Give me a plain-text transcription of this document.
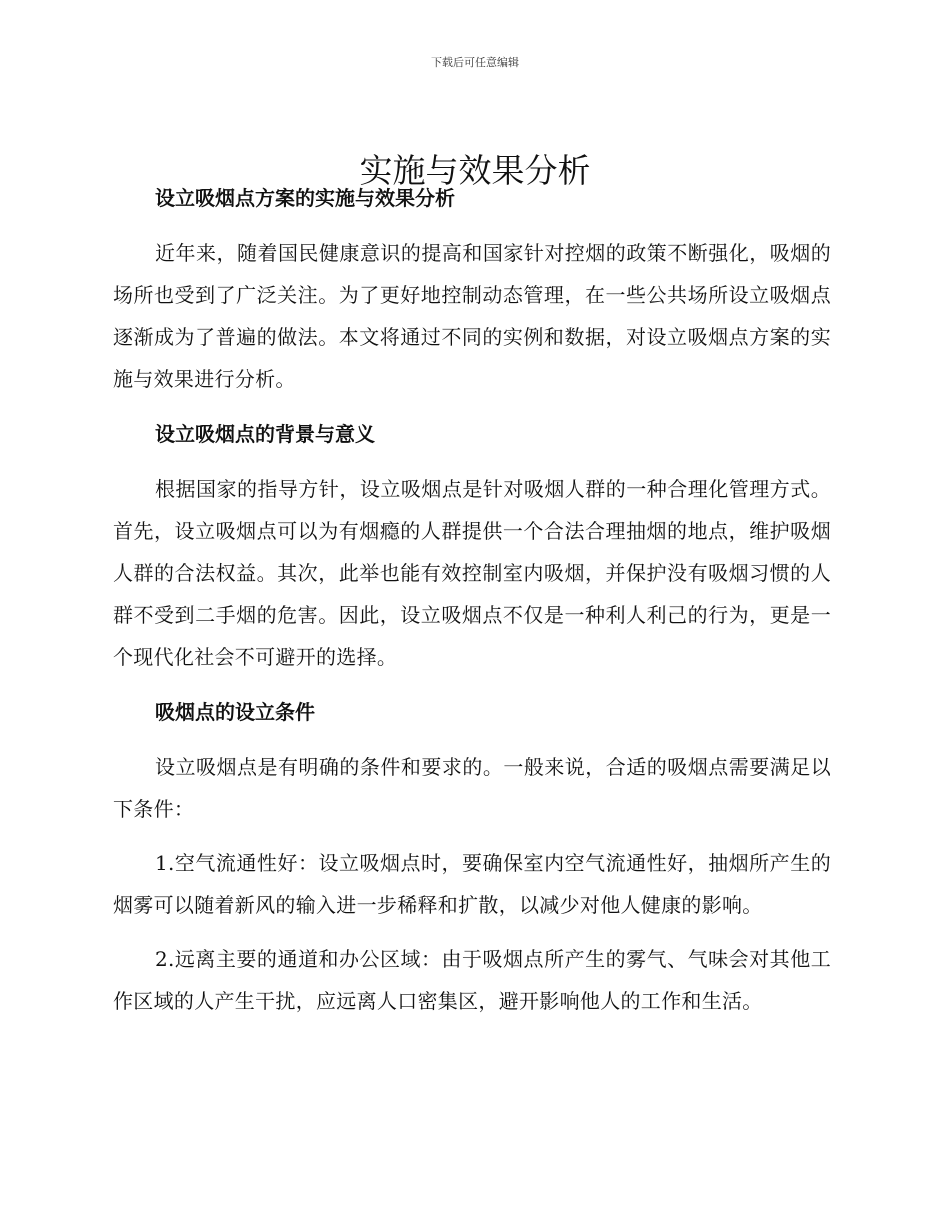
下载后可任意编辑
实施与效果分析
设立吸烟点方案的实施与效果分析

近年来，随着国民健康意识的提高和国家针对控烟的政策不断强化，吸烟的场所也受到了广泛关注。为了更好地控制动态管理，在一些公共场所设立吸烟点逐渐成为了普遍的做法。本文将通过不同的实例和数据，对设立吸烟点方案的实施与效果进行分析。

设立吸烟点的背景与意义

根据国家的指导方针，设立吸烟点是针对吸烟人群的一种合理化管理方式。首先，设立吸烟点可以为有烟瘾的人群提供一个合法合理抽烟的地点，维护吸烟人群的合法权益。其次，此举也能有效控制室内吸烟，并保护没有吸烟习惯的人群不受到二手烟的危害。因此，设立吸烟点不仅是一种利人利己的行为，更是一个现代化社会不可避开的选择。

吸烟点的设立条件

设立吸烟点是有明确的条件和要求的。一般来说，合适的吸烟点需要满足以下条件：

1.空气流通性好：设立吸烟点时，要确保室内空气流通性好，抽烟所产生的烟雾可以随着新风的输入进一步稀释和扩散，以减少对他人健康的影响。

2.远离主要的通道和办公区域：由于吸烟点所产生的雾气、气味会对其他工作区域的人产生干扰，应远离人口密集区，避开影响他人的工作和生活。
